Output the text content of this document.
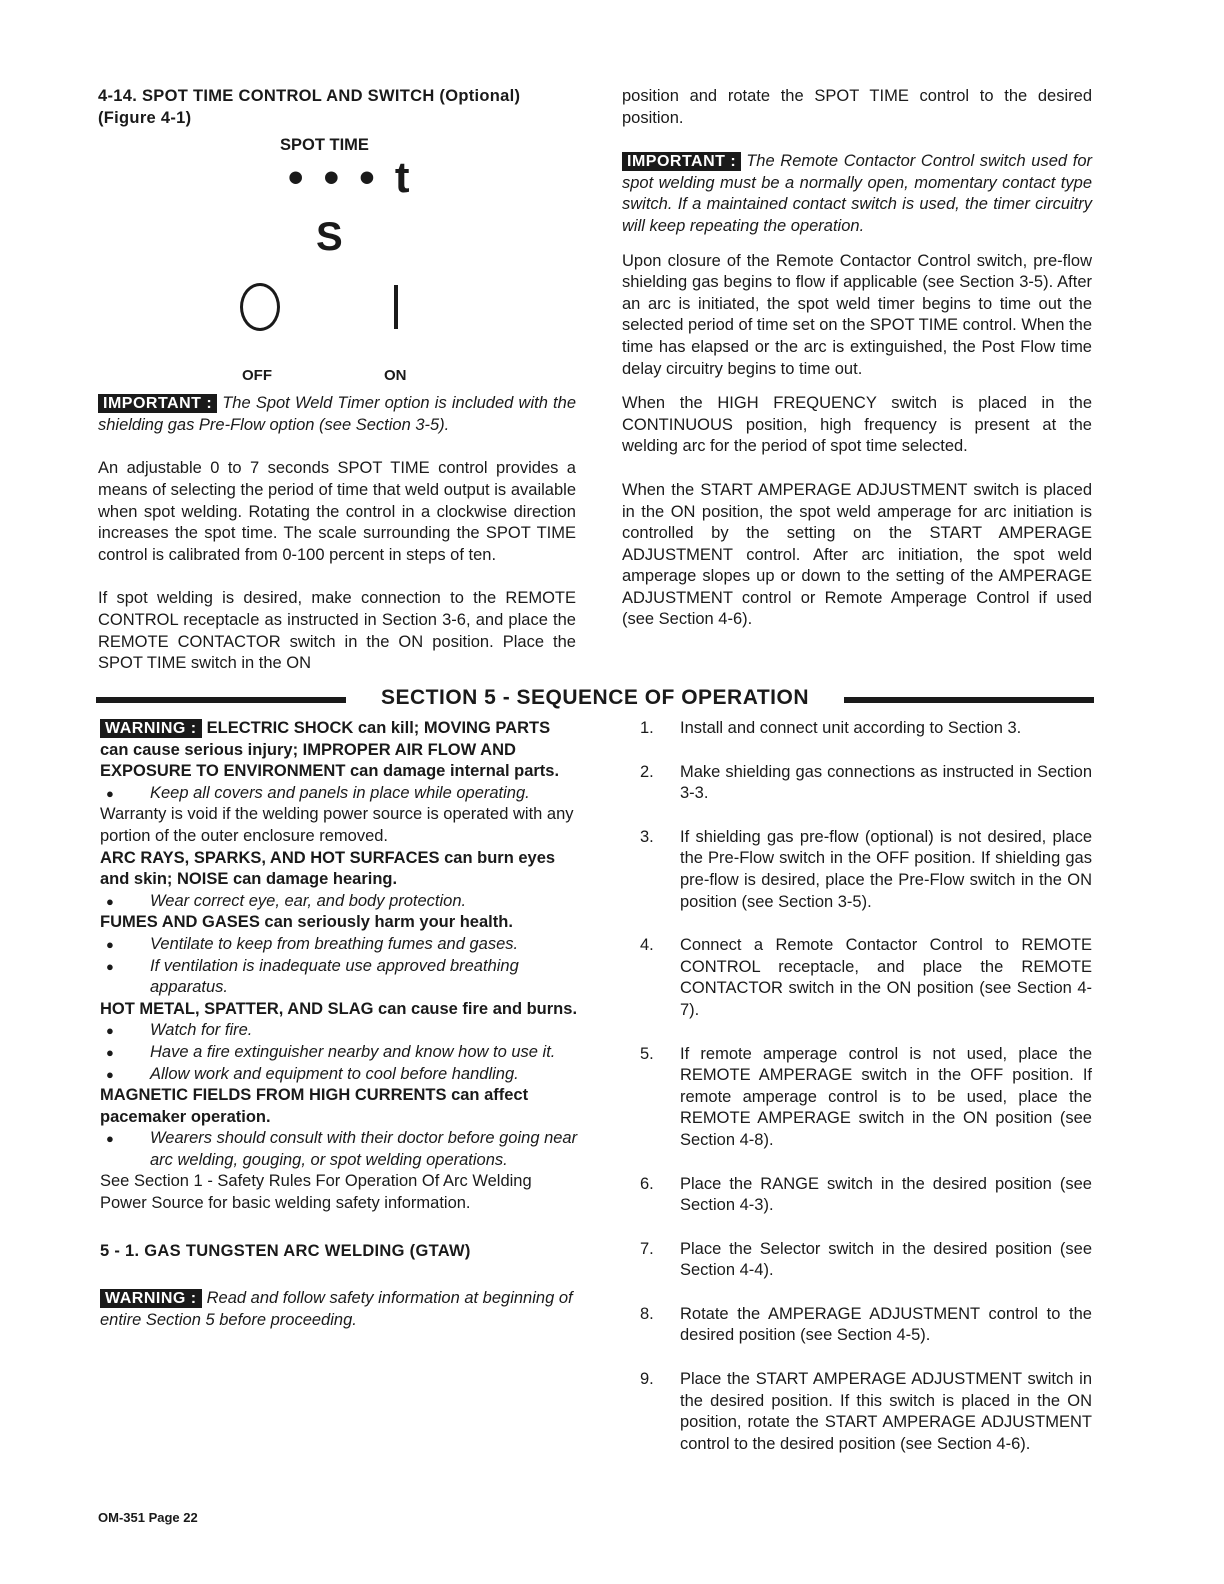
4-14. SPOT TIME CONTROL AND SWITCH (Optional) (Figure 4-1)
SPOT TIME
• • • t
S
OFF	ON

IMPORTANT : The Spot Weld Timer option is included with the shielding gas Pre-Flow option (see Section 3-5).

An adjustable 0 to 7 seconds SPOT TIME control provides a means of selecting the period of time that weld output is available when spot welding. Rotating the control in a clockwise direction increases the spot time. The scale surrounding the SPOT TIME control is calibrated from 0-100 percent in steps of ten.

If spot welding is desired, make connection to the REMOTE CONTROL receptacle as instructed in Section 3-6, and place the REMOTE CONTACTOR switch in the ON position. Place the SPOT TIME switch in the ON

position and rotate the SPOT TIME control to the desired position.

IMPORTANT : The Remote Contactor Control switch used for spot welding must be a normally open, momentary contact type switch. If a maintained contact switch is used, the timer circuitry will keep repeating the operation.

Upon closure of the Remote Contactor Control switch, pre-flow shielding gas begins to flow if applicable (see Section 3-5). After an arc is initiated, the spot weld timer begins to time out the selected period of time set on the SPOT TIME control. When the time has elapsed or the arc is extinguished, the Post Flow time delay circuitry begins to time out.

When the HIGH FREQUENCY switch is placed in the CONTINUOUS position, high frequency is present at the welding arc for the period of spot time selected.

When the START AMPERAGE ADJUSTMENT switch is placed in the ON position, the spot weld amperage for arc initiation is controlled by the setting on the START AMPERAGE ADJUSTMENT control. After arc initiation, the spot weld amperage slopes up or down to the setting of the AMPERAGE ADJUSTMENT control or Remote Amperage Control if used (see Section 4-6).

SECTION 5 - SEQUENCE OF OPERATION
WARNING : ELECTRIC SHOCK can kill; MOVING PARTS can cause serious injury; IMPROPER AIR FLOW AND EXPOSURE TO ENVIRONMENT can damage internal parts.
● Keep all covers and panels in place while operating.
Warranty is void if the welding power source is operated with any portion of the outer enclosure removed.
ARC RAYS, SPARKS, AND HOT SURFACES can burn eyes and skin; NOISE can damage hearing.
● Wear correct eye, ear, and body protection.
FUMES AND GASES can seriously harm your health.
● Ventilate to keep from breathing fumes and gases.
● If ventilation is inadequate use approved breathing apparatus.
HOT METAL, SPATTER, AND SLAG can cause fire and burns.
● Watch for fire.
● Have a fire extinguisher nearby and know how to use it.
● Allow work and equipment to cool before handling.
MAGNETIC FIELDS FROM HIGH CURRENTS can affect pacemaker operation.
● Wearers should consult with their doctor before going near arc welding, gouging, or spot welding operations.
See Section 1 - Safety Rules For Operation Of Arc Welding Power Source for basic welding safety information.
5 - 1. GAS TUNGSTEN ARC WELDING (GTAW)
WARNING : Read and follow safety information at beginning of entire Section 5 before proceeding.
1. Install and connect unit according to Section 3.
2. Make shielding gas connections as instructed in Section 3-3.
3. If shielding gas pre-flow (optional) is not desired, place the Pre-Flow switch in the OFF position. If shielding gas pre-flow is desired, place the Pre-Flow switch in the ON position (see Section 3-5).
4. Connect a Remote Contactor Control to REMOTE CONTROL receptacle, and place the REMOTE CONTACTOR switch in the ON position (see Section 4-7).
5. If remote amperage control is not used, place the REMOTE AMPERAGE switch in the OFF position. If remote amperage control is to be used, place the REMOTE AMPERAGE switch in the ON position (see Section 4-8).
6. Place the RANGE switch in the desired position (see Section 4-3).
7. Place the Selector switch in the desired position (see Section 4-4).
8. Rotate the AMPERAGE ADJUSTMENT control to the desired position (see Section 4-5).
9. Place the START AMPERAGE ADJUSTMENT switch in the desired position. If this switch is placed in the ON position, rotate the START AMPERAGE ADJUSTMENT control to the desired position (see Section 4-6).
OM-351 Page 22
